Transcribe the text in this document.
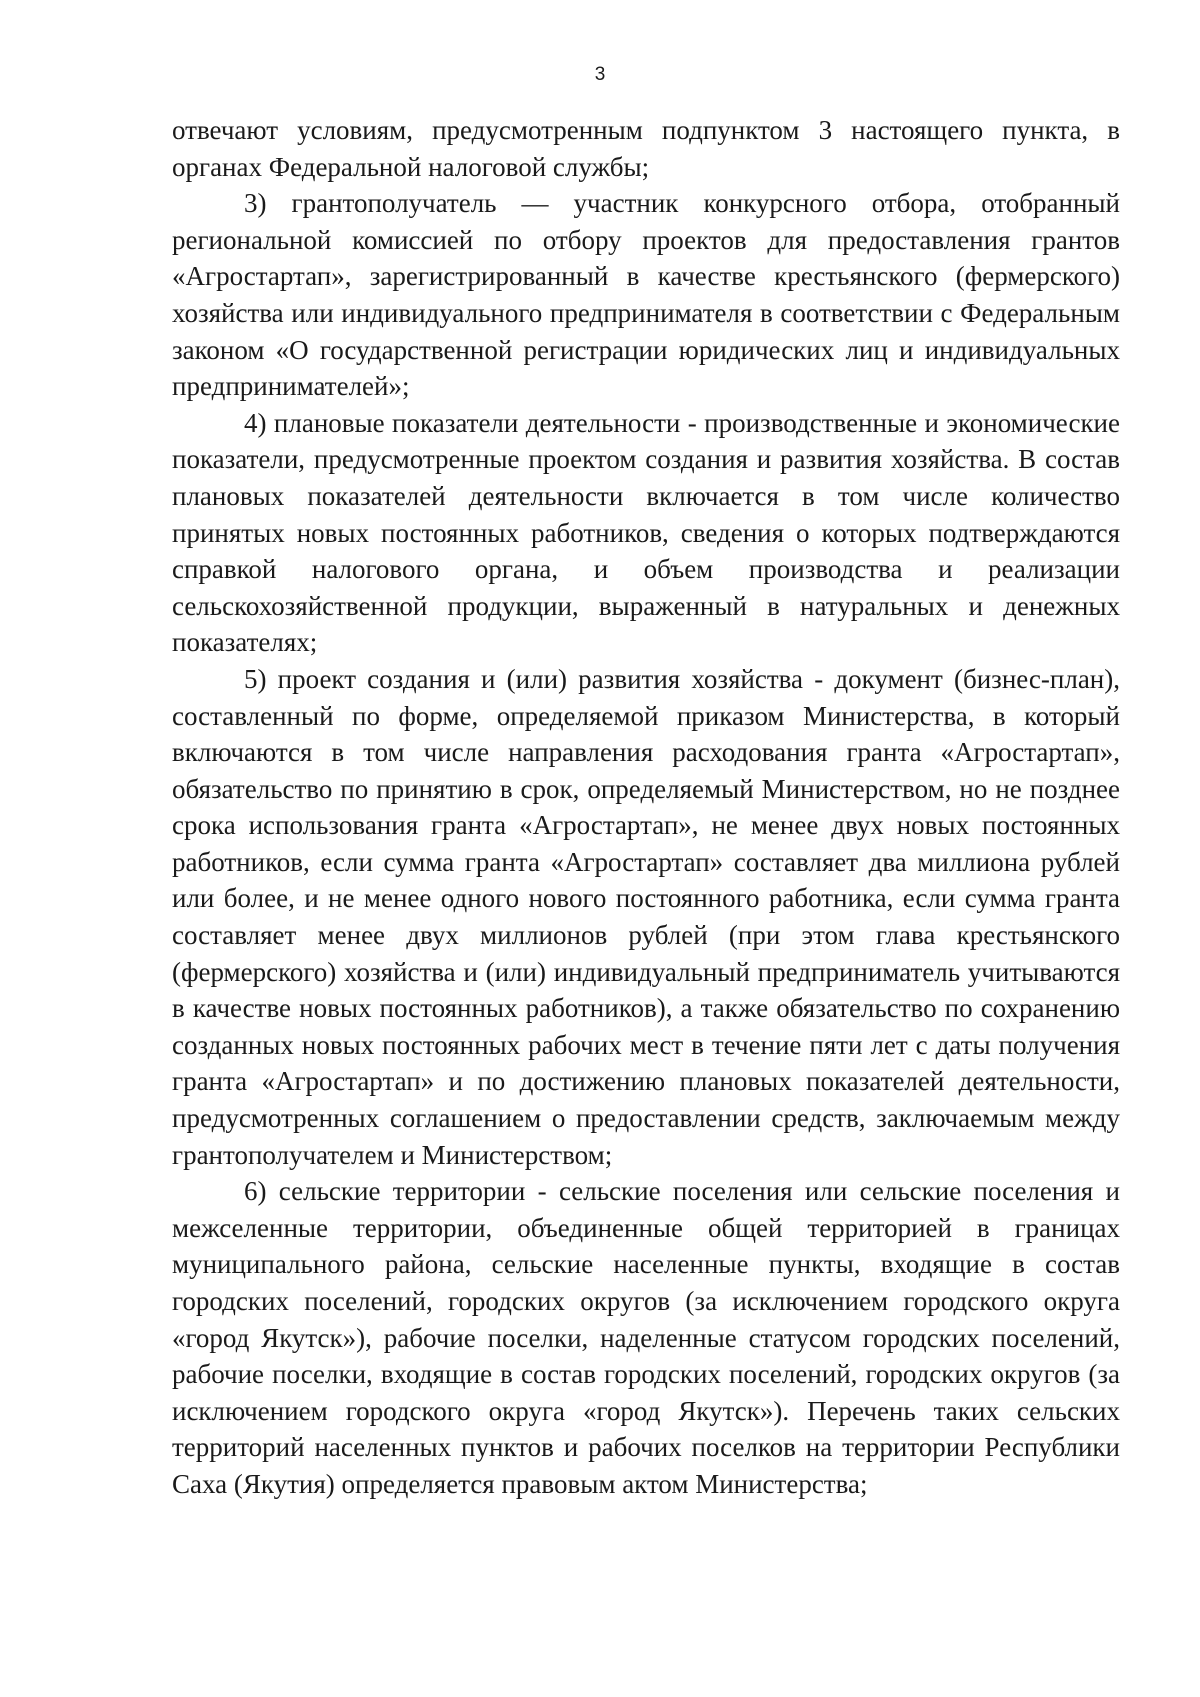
3

отвечают условиям, предусмотренным подпунктом 3 настоящего пункта, в органах Федеральной налоговой службы;

3) грантополучатель — участник конкурсного отбора, отобранный региональной комиссией по отбору проектов для предоставления грантов «Агростартап», зарегистрированный в качестве крестьянского (фермерского) хозяйства или индивидуального предпринимателя в соответствии с Федеральным законом «О государственной регистрации юридических лиц и индивидуальных предпринимателей»;

4) плановые показатели деятельности - производственные и экономические показатели, предусмотренные проектом создания и развития хозяйства. В состав плановых показателей деятельности включается в том числе количество принятых новых постоянных работников, сведения о которых подтверждаются справкой налогового органа, и объем производства и реализации сельскохозяйственной продукции, выраженный в натуральных и денежных показателях;

5) проект создания и (или) развития хозяйства - документ (бизнес-план), составленный по форме, определяемой приказом Министерства, в который включаются в том числе направления расходования гранта «Агростартап», обязательство по принятию в срок, определяемый Министерством, но не позднее срока использования гранта «Агростартап», не менее двух новых постоянных работников, если сумма гранта «Агростартап» составляет два миллиона рублей или более, и не менее одного нового постоянного работника, если сумма гранта составляет менее двух миллионов рублей (при этом глава крестьянского (фермерского) хозяйства и (или) индивидуальный предприниматель учитываются в качестве новых постоянных работников), а также обязательство по сохранению созданных новых постоянных рабочих мест в течение пяти лет с даты получения гранта «Агростартап» и по достижению плановых показателей деятельности, предусмотренных соглашением о предоставлении средств, заключаемым между грантополучателем и Министерством;

6) сельские территории - сельские поселения или сельские поселения и межселенные территории, объединенные общей территорией в границах муниципального района, сельские населенные пункты, входящие в состав городских поселений, городских округов (за исключением городского округа «город Якутск»), рабочие поселки, наделенные статусом городских поселений, рабочие поселки, входящие в состав городских поселений, городских округов (за исключением городского округа «город Якутск»). Перечень таких сельских территорий населенных пунктов и рабочих поселков на территории Республики Саха (Якутия) определяется правовым актом Министерства;
